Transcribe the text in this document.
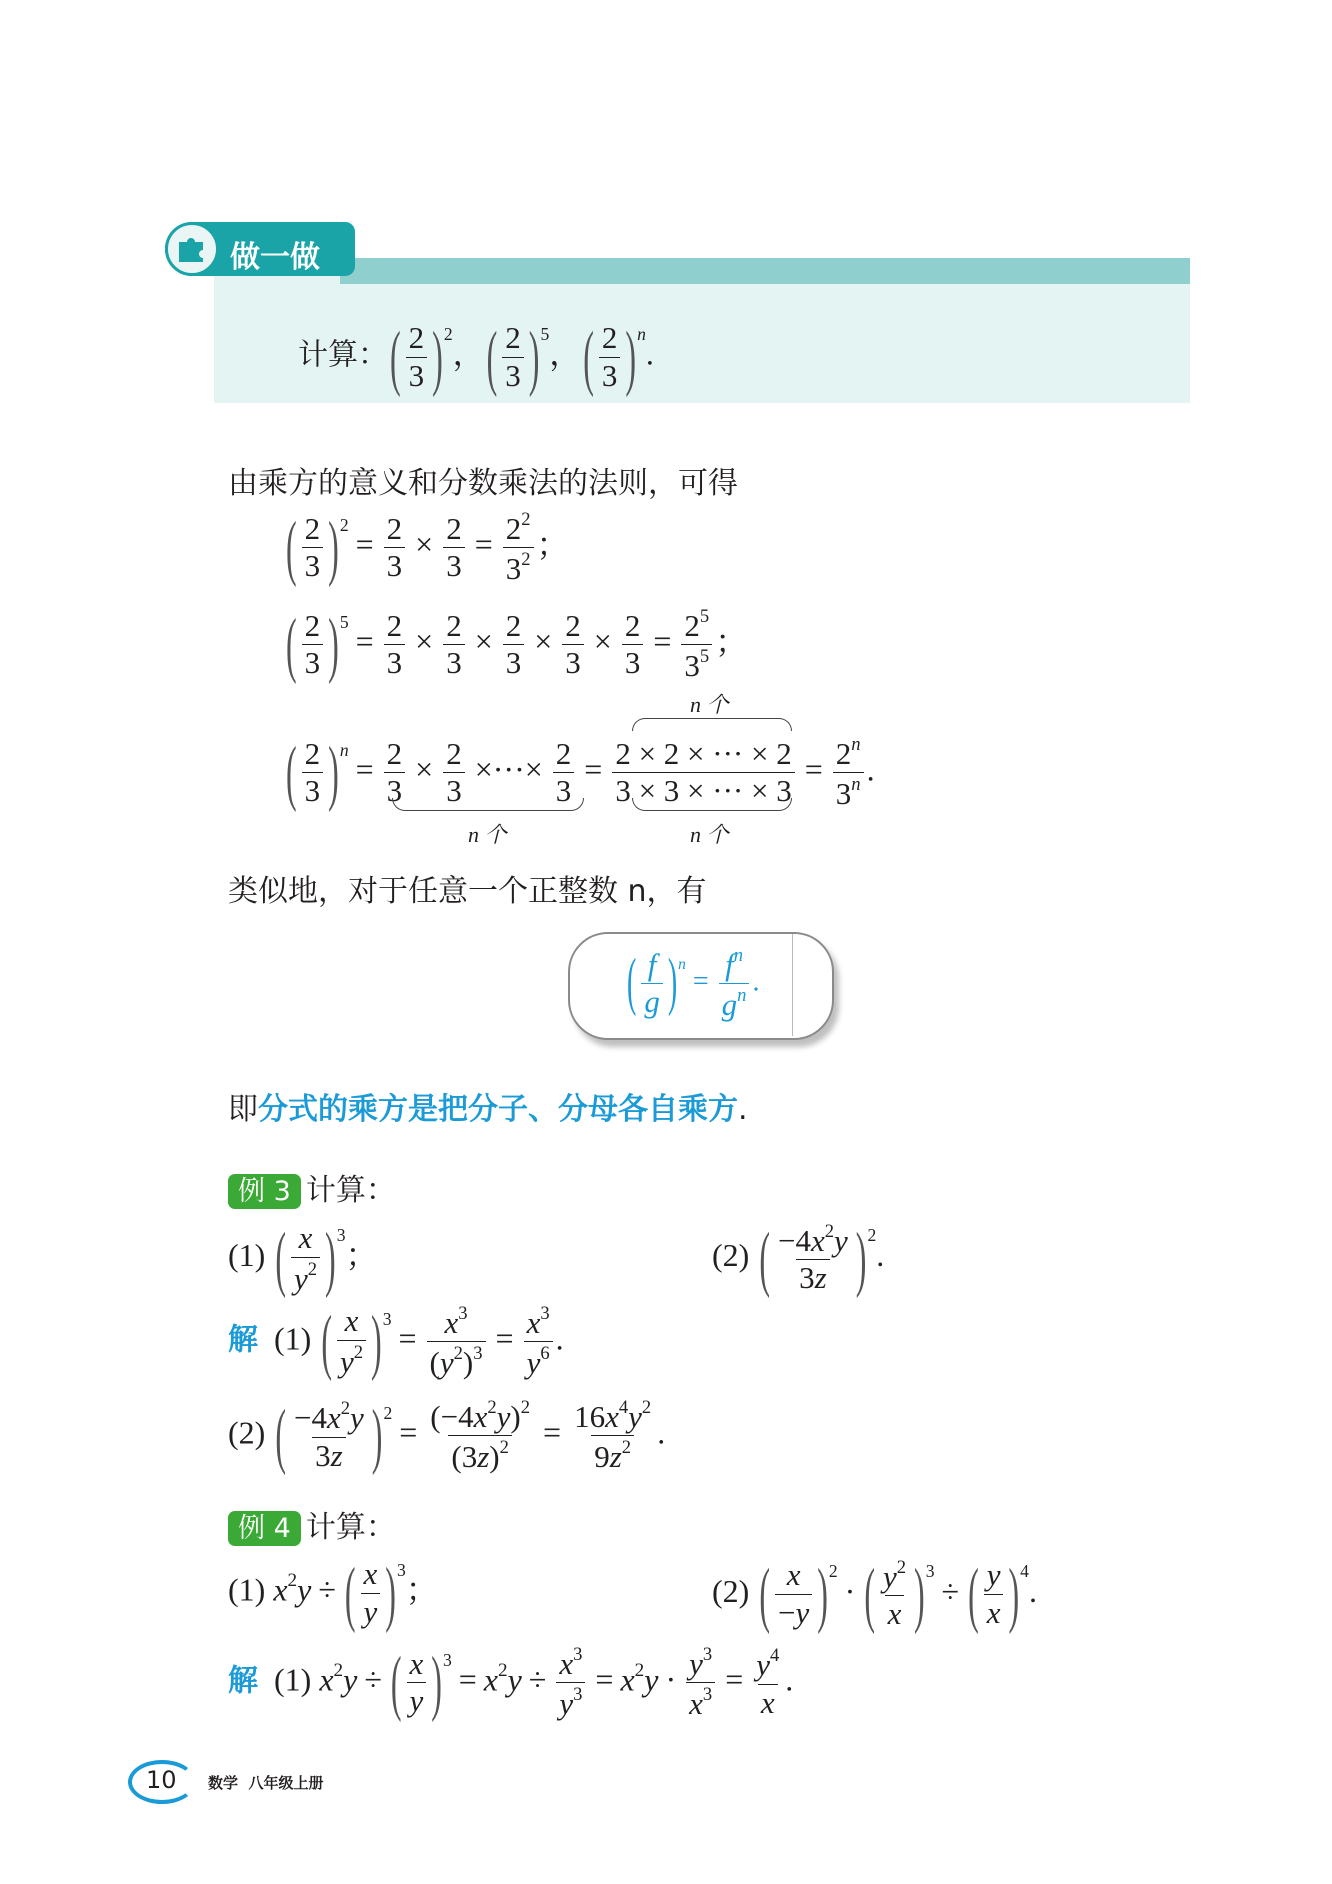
做一做
计算：( $\frac{2}{3} )^2$，( $\frac{2}{3} )^5$，( $\frac{2}{3} )^n$.
由乘方的意义和分数乘法的法则，可得
( $\frac{2}{3} )^2= \frac{2}{3} \times \frac{2}{3} = \frac{2^2}{3^2}$ ；
( $\frac{2}{3} )^5= \frac{2}{3} \times \frac{2}{3} \times \frac{2}{3} \times \frac{2}{3} \times \frac{2}{3} = \frac{2^5}{3^5}$ ；
( $\frac{2}{3} )^n= \frac{2}{3} \times \frac{2}{3}$ ×···× $\frac{2}{3} = \frac{2 \times 2 \times \cdot\cdot\cdot \times 2}{3 \times 3 \times \cdot\cdot\cdot \times 3} = \frac{2^n}{3^n}$ .
n 个
n 个
n 个
类似地，对于任意一个正整数 n，有
( $\frac{f}{g} )^n= \frac{f^n}{g^n}$ .
即分式的乘方是把分子、分母各自乘方.
例 3 计算：
(1) ( $\frac{x}{y^2} )^3$；	(2) ( $\frac{-4x^2y}{3z} )^2$.
解  (1) ( $\frac{x}{y^2} )^3= \frac{x^3}{(y^2)^3} = \frac{x^3}{y^6}$ .
(2) ( $\frac{-4x^2y}{3z} )^2= \frac{(-4x^2y)^2}{(3z)^2} = \frac{16x^4y^2}{9z^2}$ .
例 4 计算：
(1) $x^2y$ ÷ ( $\frac{x}{y} )^3$；	(2) ( $\frac{x}{-y} )^2\cdot$ ( $\frac{y^2}{x} )^3\div$ ( $\frac{y}{x} )^4$.
解  (1) $x^2y$ ÷ ( $\frac{x}{y} )^3= x^2y \div \frac{x^3}{y^3} = x^2y \cdot \frac{y^3}{x^3} = \frac{y^4}{x}$ .
10 数学  八年级上册
